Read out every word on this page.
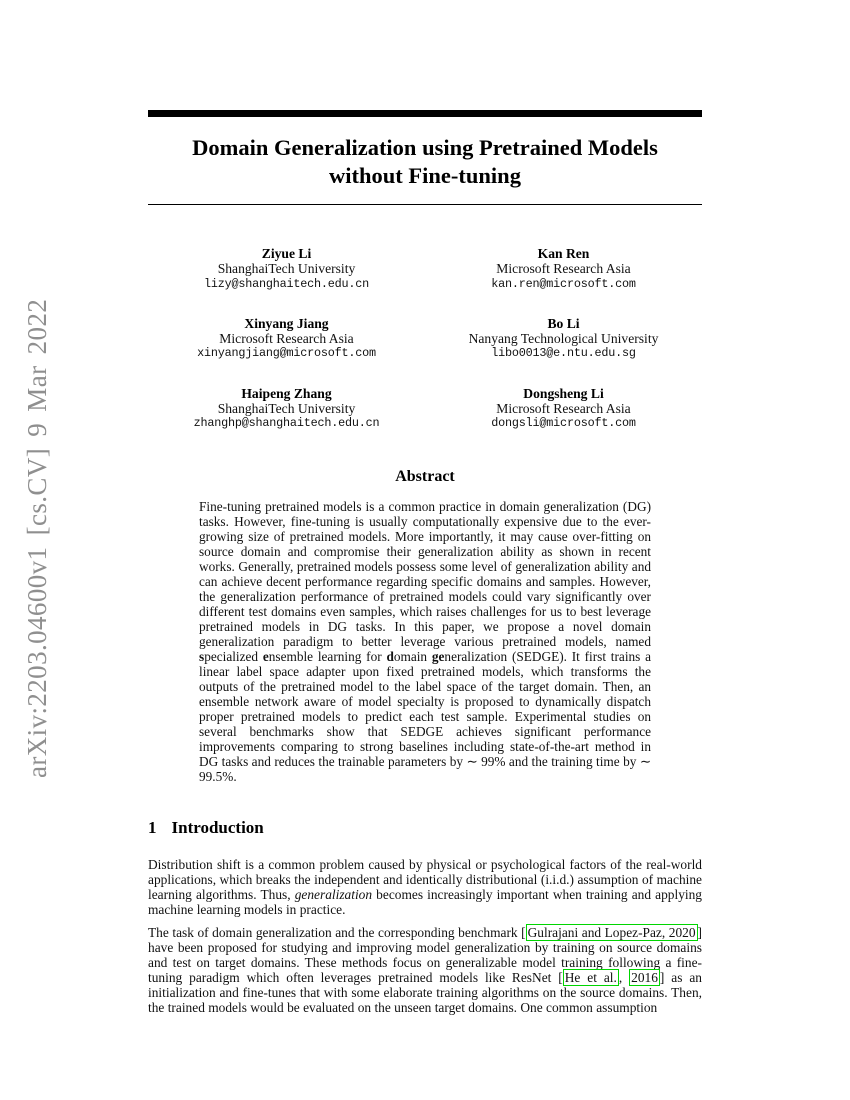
arXiv:2203.04600v1 [cs.CV] 9 Mar 2022
Domain Generalization using Pretrained Models
without Fine-tuning
Ziyue Li
ShanghaiTech University
lizy@shanghaitech.edu.cn
Xinyang Jiang
Microsoft Research Asia
xinyangjiang@microsoft.com
Haipeng Zhang
ShanghaiTech University
zhanghp@shanghaitech.edu.cn
Kan Ren
Microsoft Research Asia
kan.ren@microsoft.com
Bo Li
Nanyang Technological University
libo0013@e.ntu.edu.sg
Dongsheng Li
Microsoft Research Asia
dongsli@microsoft.com
Abstract

Fine-tuning pretrained models is a common practice in domain generalization (DG) tasks. However, fine-tuning is usually computationally expensive due to the ever-growing size of pretrained models. More importantly, it may cause over-fitting on source domain and compromise their generalization ability as shown in recent works. Generally, pretrained models possess some level of generalization ability and can achieve decent performance regarding specific domains and samples. However, the generalization performance of pretrained models could vary significantly over different test domains even samples, which raises challenges for us to best leverage pretrained models in DG tasks. In this paper, we propose a novel domain generalization paradigm to better leverage various pretrained models, named specialized ensemble learning for domain generalization (SEDGE). It first trains a linear label space adapter upon fixed pretrained models, which transforms the outputs of the pretrained model to the label space of the target domain. Then, an ensemble network aware of model specialty is proposed to dynamically dispatch proper pretrained models to predict each test sample. Experimental studies on several benchmarks show that SEDGE achieves significant performance improvements comparing to strong baselines including state-of-the-art method in DG tasks and reduces the trainable parameters by ∼ 99% and the training time by ∼ 99.5%.

1 Introduction

Distribution shift is a common problem caused by physical or psychological factors of the real-world applications, which breaks the independent and identically distributional (i.i.d.) assumption of machine learning algorithms. Thus, generalization becomes increasingly important when training and applying machine learning models in practice.

The task of domain generalization and the corresponding benchmark [ Gulrajani and Lopez-Paz, 2020 ] have been proposed for studying and improving model generalization by training on source domains and test on target domains. These methods focus on generalizable model training following a fine-tuning paradigm which often leverages pretrained models like ResNet [ He et al. , 2016 ] as an initialization and fine-tunes that with some elaborate training algorithms on the source domains. Then, the trained models would be evaluated on the unseen target domains. One common assumption
